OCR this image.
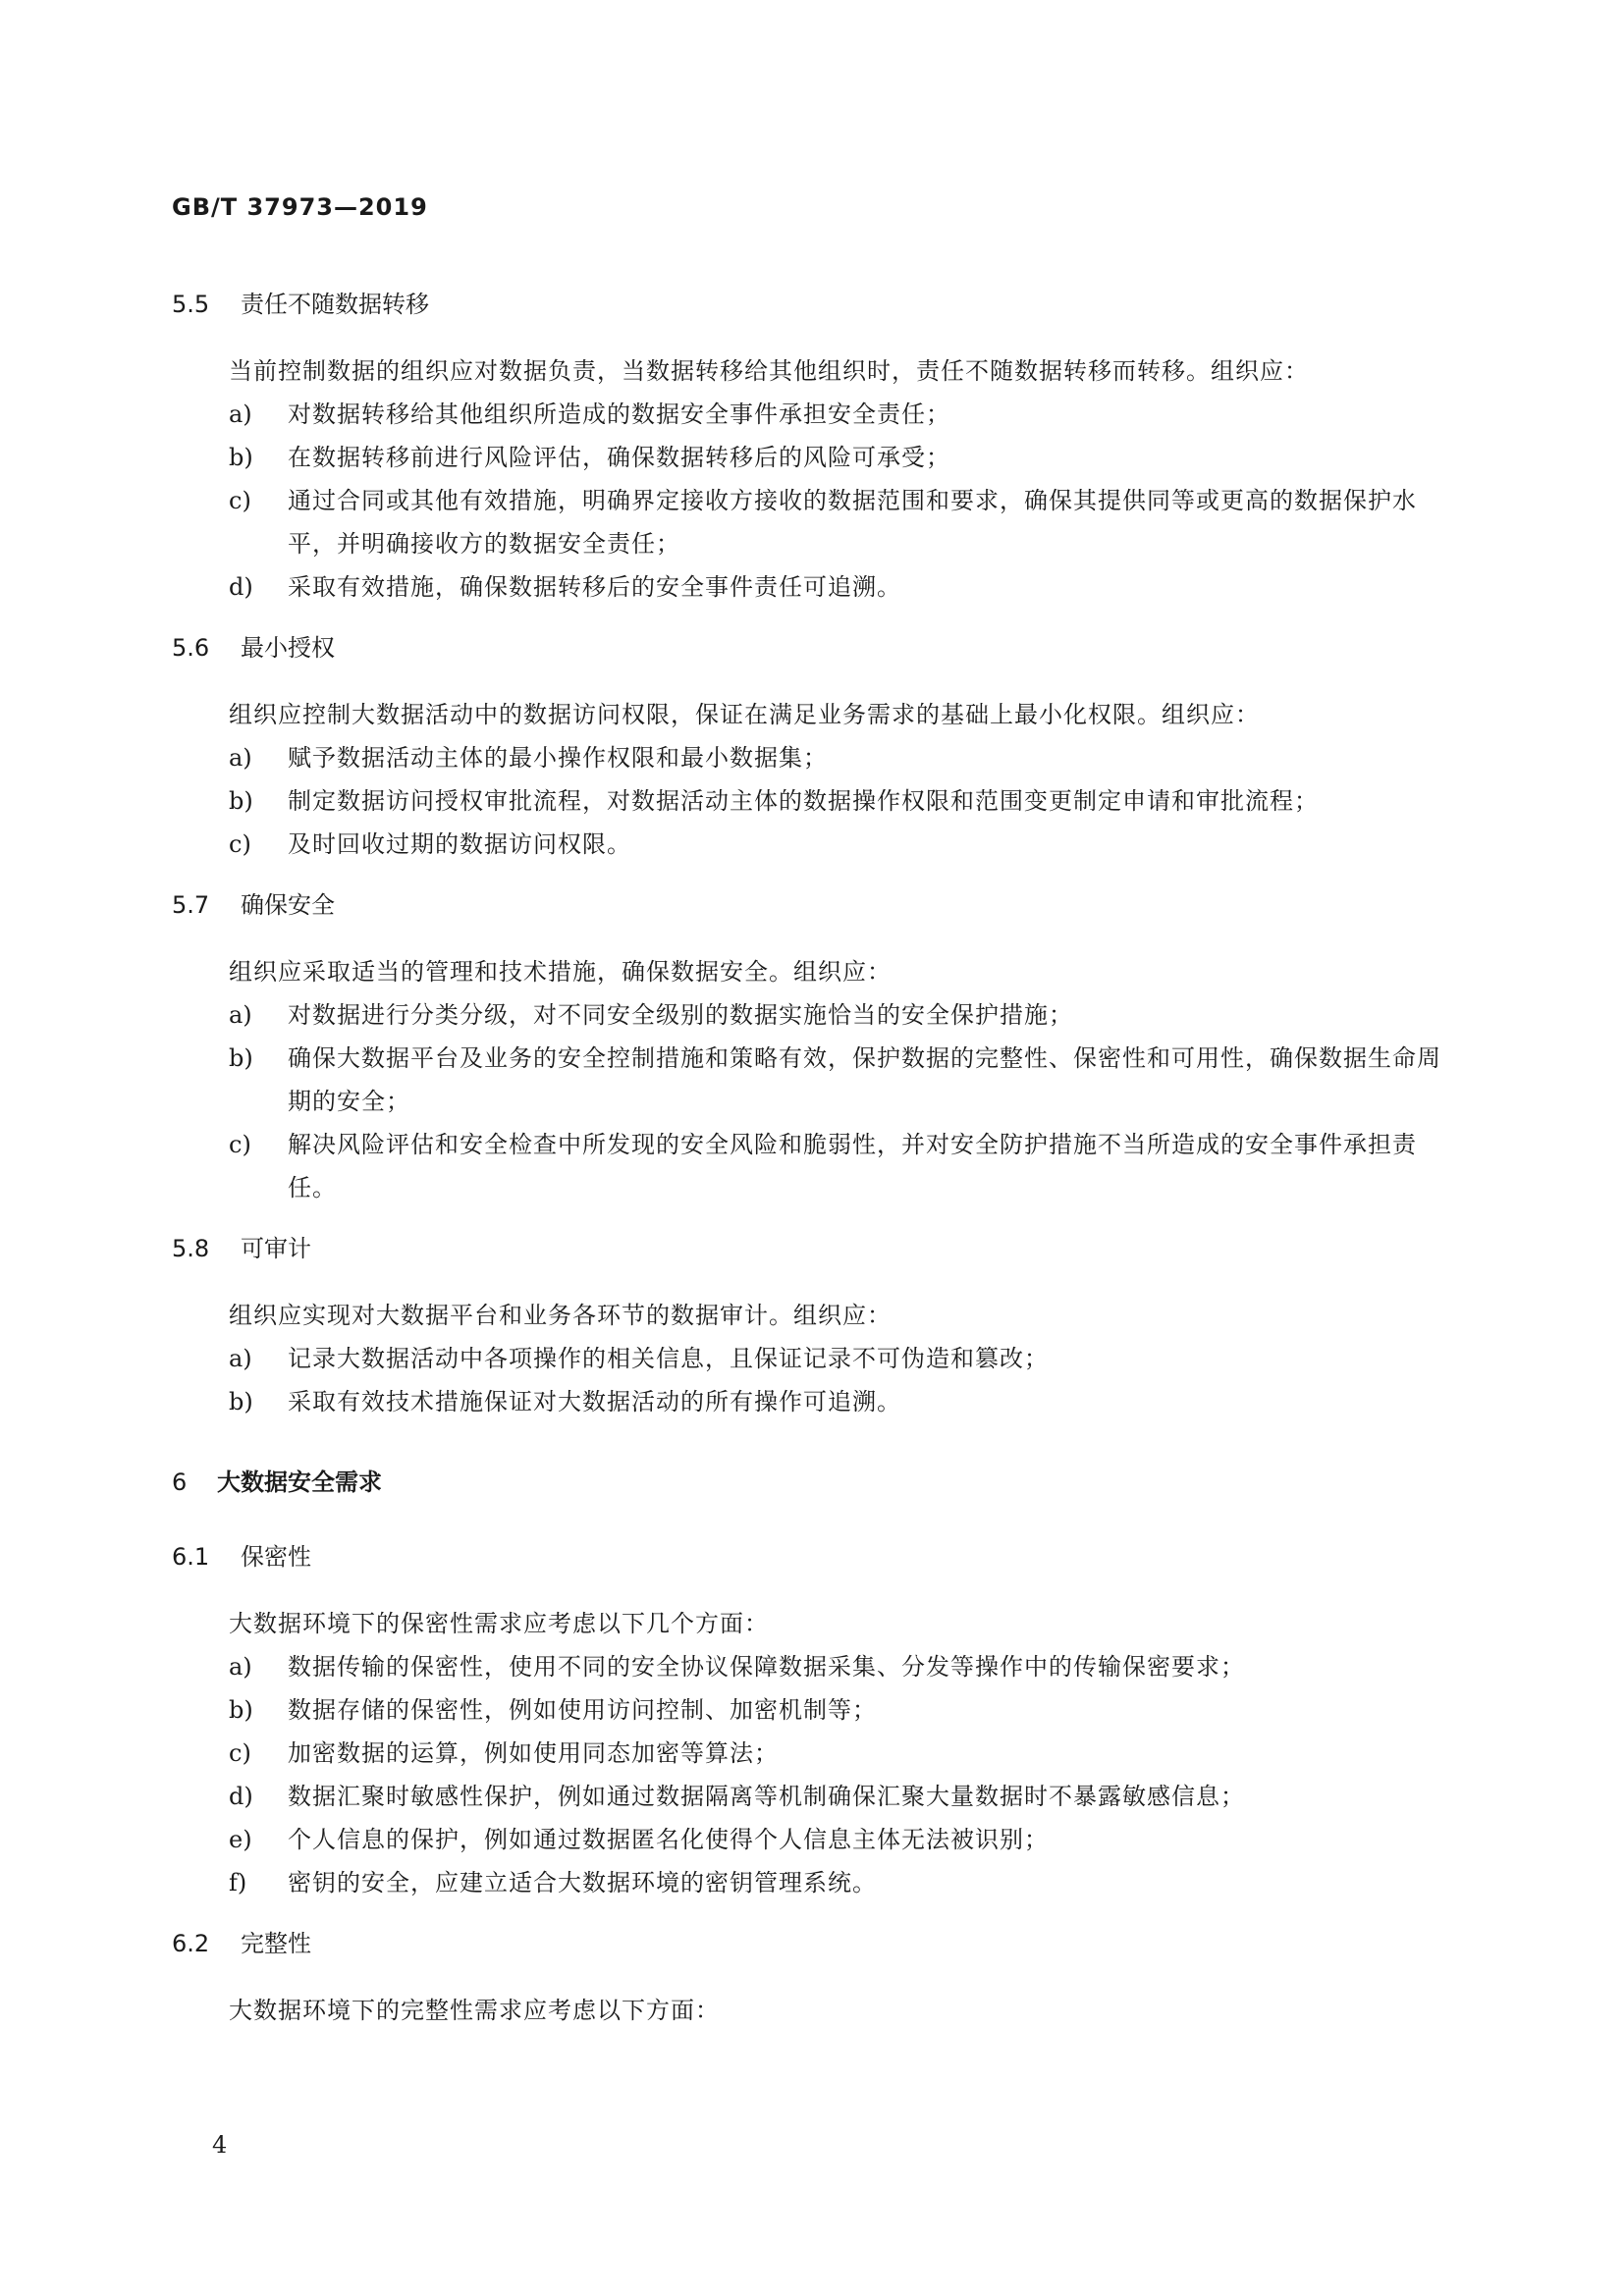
GB/T 37973—2019
5.5 责任不随数据转移

当前控制数据的组织应对数据负责，当数据转移给其他组织时，责任不随数据转移而转移。组织应：

a) 对数据转移给其他组织所造成的数据安全事件承担安全责任；
b) 在数据转移前进行风险评估，确保数据转移后的风险可承受；
c) 通过合同或其他有效措施，明确界定接收方接收的数据范围和要求，确保其提供同等或更高的数据保护水平，并明确接收方的数据安全责任；
d) 采取有效措施，确保数据转移后的安全事件责任可追溯。
5.6 最小授权

组织应控制大数据活动中的数据访问权限，保证在满足业务需求的基础上最小化权限。组织应：

a) 赋予数据活动主体的最小操作权限和最小数据集；
b) 制定数据访问授权审批流程，对数据活动主体的数据操作权限和范围变更制定申请和审批流程；
c) 及时回收过期的数据访问权限。
5.7 确保安全

组织应采取适当的管理和技术措施，确保数据安全。组织应：

a) 对数据进行分类分级，对不同安全级别的数据实施恰当的安全保护措施；
b) 确保大数据平台及业务的安全控制措施和策略有效，保护数据的完整性、保密性和可用性，确保数据生命周期的安全；
c) 解决风险评估和安全检查中所发现的安全风险和脆弱性，并对安全防护措施不当所造成的安全事件承担责任。
5.8 可审计

组织应实现对大数据平台和业务各环节的数据审计。组织应：

a) 记录大数据活动中各项操作的相关信息，且保证记录不可伪造和篡改；
b) 采取有效技术措施保证对大数据活动的所有操作可追溯。
6 大数据安全需求
6.1 保密性

大数据环境下的保密性需求应考虑以下几个方面：

a) 数据传输的保密性，使用不同的安全协议保障数据采集、分发等操作中的传输保密要求；
b) 数据存储的保密性，例如使用访问控制、加密机制等；
c) 加密数据的运算，例如使用同态加密等算法；
d) 数据汇聚时敏感性保护，例如通过数据隔离等机制确保汇聚大量数据时不暴露敏感信息；
e) 个人信息的保护，例如通过数据匿名化使得个人信息主体无法被识别；
f) 密钥的安全，应建立适合大数据环境的密钥管理系统。
6.2 完整性

大数据环境下的完整性需求应考虑以下方面：

4
